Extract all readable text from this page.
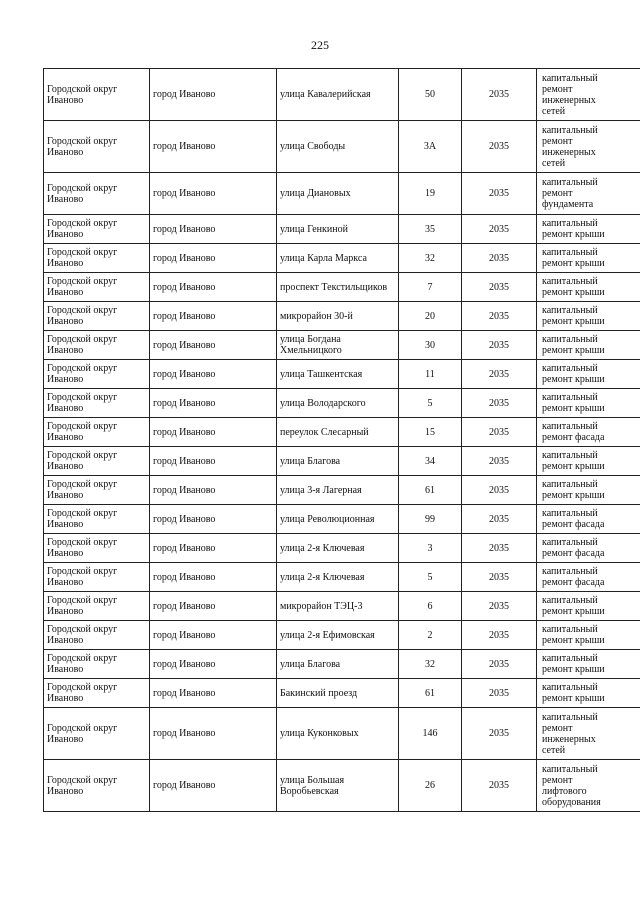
225
Городской округ Иваново	город Иваново	улица Кавалерийская	50	2035	капитальный ремонт инженерных сетей

Городской округ Иваново	город Иваново	улица Свободы	3А	2035	капитальный ремонт инженерных сетей

Городской округ Иваново	город Иваново	улица Диановых	19	2035	капитальный ремонт фундамента

Городской округ Иваново	город Иваново	улица Генкиной	35	2035	капитальный ремонт крыши

Городской округ Иваново	город Иваново	улица Карла Маркса	32	2035	капитальный ремонт крыши

Городской округ Иваново	город Иваново	проспект Текстильщиков	7	2035	капитальный ремонт крыши

Городской округ Иваново	город Иваново	микрорайон 30-й	20	2035	капитальный ремонт крыши

Городской округ Иваново	город Иваново	улица Богдана Хмельницкого	30	2035	капитальный ремонт крыши

Городской округ Иваново	город Иваново	улица Ташкентская	11	2035	капитальный ремонт крыши

Городской округ Иваново	город Иваново	улица Володарского	5	2035	капитальный ремонт крыши

Городской округ Иваново	город Иваново	переулок Слесарный	15	2035	капитальный ремонт фасада

Городской округ Иваново	город Иваново	улица Благова	34	2035	капитальный ремонт крыши

Городской округ Иваново	город Иваново	улица 3-я Лагерная	61	2035	капитальный ремонт крыши

Городской округ Иваново	город Иваново	улица Революционная	99	2035	капитальный ремонт фасада

Городской округ Иваново	город Иваново	улица 2-я Ключевая	3	2035	капитальный ремонт фасада

Городской округ Иваново	город Иваново	улица 2-я Ключевая	5	2035	капитальный ремонт фасада

Городской округ Иваново	город Иваново	микрорайон ТЭЦ-3	6	2035	капитальный ремонт крыши

Городской округ Иваново	город Иваново	улица 2-я Ефимовская	2	2035	капитальный ремонт крыши

Городской округ Иваново	город Иваново	улица Благова	32	2035	капитальный ремонт крыши

Городской округ Иваново	город Иваново	Бакинский проезд	61	2035	капитальный ремонт крыши

Городской округ Иваново	город Иваново	улица Куконковых	146	2035	капитальный ремонт инженерных сетей

Городской округ Иваново	город Иваново	улица Большая Воробьевская	26	2035	капитальный ремонт лифтового оборудования
